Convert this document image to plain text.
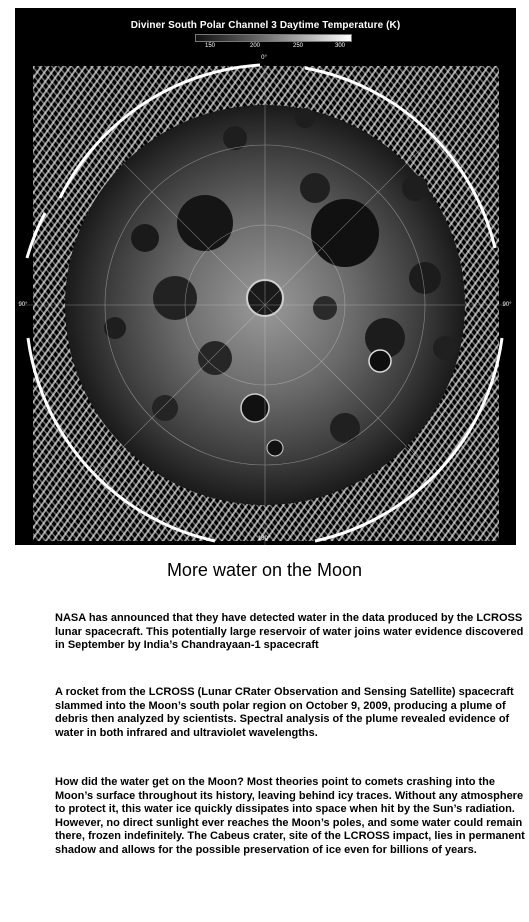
Diviner South Polar Channel 3 Daytime Temperature (K)
150	200	250	300
0°
180°
90°	90°
More water on the Moon

NASA has announced that they have detected water in the data produced by the LCROSS lunar spacecraft. This potentially large reservoir of water joins water evidence discovered in September by India’s Chandrayaan-1 spacecraft

A rocket from the LCROSS (Lunar CRater Observation and Sensing Satellite) spacecraft slammed into the Moon’s south polar region on October 9, 2009, producing a plume of debris then analyzed by scientists. Spectral analysis of the plume revealed evidence of water in both infrared and ultraviolet wavelengths.

How did the water get on the Moon? Most theories point to comets crashing into the Moon’s surface throughout its history, leaving behind icy traces. Without any atmosphere to protect it, this water ice quickly dissipates into space when hit by the Sun’s radiation. However, no direct sunlight ever reaches the Moon’s poles, and some water could remain there, frozen indefinitely. The Cabeus crater, site of the LCROSS impact, lies in permanent shadow and allows for the possible preservation of ice even for billions of years.
